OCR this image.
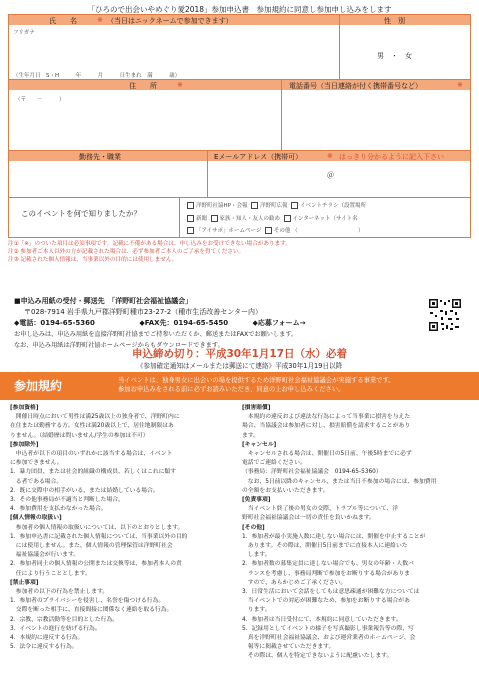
「ひろので出会いやめぐり愛2018」参加申込書　参加規約に同意し参加申し込みをします
氏　　名	※ （当日はニックネームで参加できます）	性　別
フリガナ
男　・　女
（生年月日　S・H　　　年　　　月　　　日生まれ　満　　　歳）
住　　所	※	電話番号（当日連絡が付く携帯番号など）	※
（〒　　－　　　）
勤務先・職業	Eメールアドレス（携帯可）	※ はっきり分かるように記入下さい
＠
このイベントを何で知りましたか？
洋野町社協HP・会報 洋野町広報 イベントチラシ（設置場所
新聞 家族・知人・友人の勧め インターネット（サイト名
「アイサポ」ホームページ その他 （　　　　　　　　　　　）
注①「※」のついた項目は必須事項です。記載に不備がある場合は、申し込みをお受けできない場合があります。
注② 参加者ご本人以外の方が記載された場合は、必ず参加者ご本人のご了承を得てください。
注③ 記載された個人情報は、当事業以外の目的には使用しません。
■申込み用紙の受付・郵送先　「洋野町社会福祉協議会」
〒028-7914 岩手県九戸郡洋野町種市23-27-2（種市生活改善センター内）
◆電話：0194-65-5360	◆FAX先：0194-65-5450	◆応募フォーム→
お申し込みは、申込み用紙を直接洋野町社協までご持参いただくか、郵送またはFAXでお願いします。
なお、申込み用紙は洋野町社協ホームページからもダウンロードできます。
申込締め切り：平成30年1月17日（水）必着
《参加確定通知はメールまたは郵送にて連絡》平成30年1月19日以降
参加規約	当イベントは、独身男女に出会いの場を提供するため洋野町社会福祉協議会が実施する事業です。
参加お申込みをされる前に必ずお読みいただき、同意の上お申し込みください。
[参加資格]
　開催日時点において男性は満25歳以上の独身者で、洋野町内に
在住または勤務する方。女性は満20歳以上で、居住地制限はあ
りません。（結婚歴は問いません/学生の参加は不可）
[参加除外]
　申込者が以下の項目のいずれかに該当する場合は、イベント
に参加できません。
1．暴力団員、または社会的組織の構成員、若しくはこれに類す
　る者である場合。
2．既に交際中の相手がいる、または結婚している場合。
3．その他事務局が不適当と判断した場合。
4．参加費用を支払わなかった場合。
[個人情報の取扱い]
　参加者の個人情報の取扱いについては、以下のとおりとします。
1．参加申込書に記載された個人情報については、当事業以外の目的
　には使用しません。また、個人情報の管理保管は洋野町社会
　福祉協議会が行います。
2．参加者同士の個人情報の公開または交換等は、参加者本人の責
　任により行うこととします。
[禁止事項]
　参加者の以下の行為を禁止します。
1．参加者のプライバシーを侵害し、名誉を傷つける行為。
　交際を断った相手に、直接間接に関係なく連絡を取る行為。
2．宗教、宗教活動等を目的とした行為。
3．イベントの進行を妨げる行為。
4．本規約に違反する行為。
5．法令に違反する行為。
[損害賠償]
　本規約の違反および違法な行為によって当事業に損害を与えた
場合、当協議会は参加者に対し、損害賠償を請求することがあり
ます。
[キャンセル]
　キャンセルされる場合は、開催日の5日前、午後5時までに必ず
電話でご連絡ください。
（事務局：洋野町社会福祉協議会　0194-65-5360）
　なお、5日前以降のキャンセル、または当日不参加の場合には、参加費用
の全額をお支払いいただきます。
[免責事項]
　当イベント終了後の男女の交際、トラブル等について、洋
野町社会福祉協議会は一切の責任を負いかねます。
[その他]
1．参加者が最小実施人数に達しない場合には、開催を中止することが
　あります。その際は、開催日5日前までに直接本人に連絡いた
　します。
2．参加者数の募集定員に達しない場合でも、男女の年齢・人数バ
　ランスを考慮し、事務局判断で参加をお断りする場合がありま
　すので、あらかじめご了承ください。
3．日常生活において会話をしてもは意思疎通が困難な方については
　当イベントでの対応が困難なため、参加をお断りする場合があ
　ります。
4．参加者は当日受付にて、本規約に同意していただきます。
5．記録用としてイベントの様子を写真撮影し事業報告等の際、写
　真を洋野町社会福祉協議会、および運営業者のホームページ、会
　報等に掲載させていただきます。
　その際は、個人を特定できないように配慮いたします。
